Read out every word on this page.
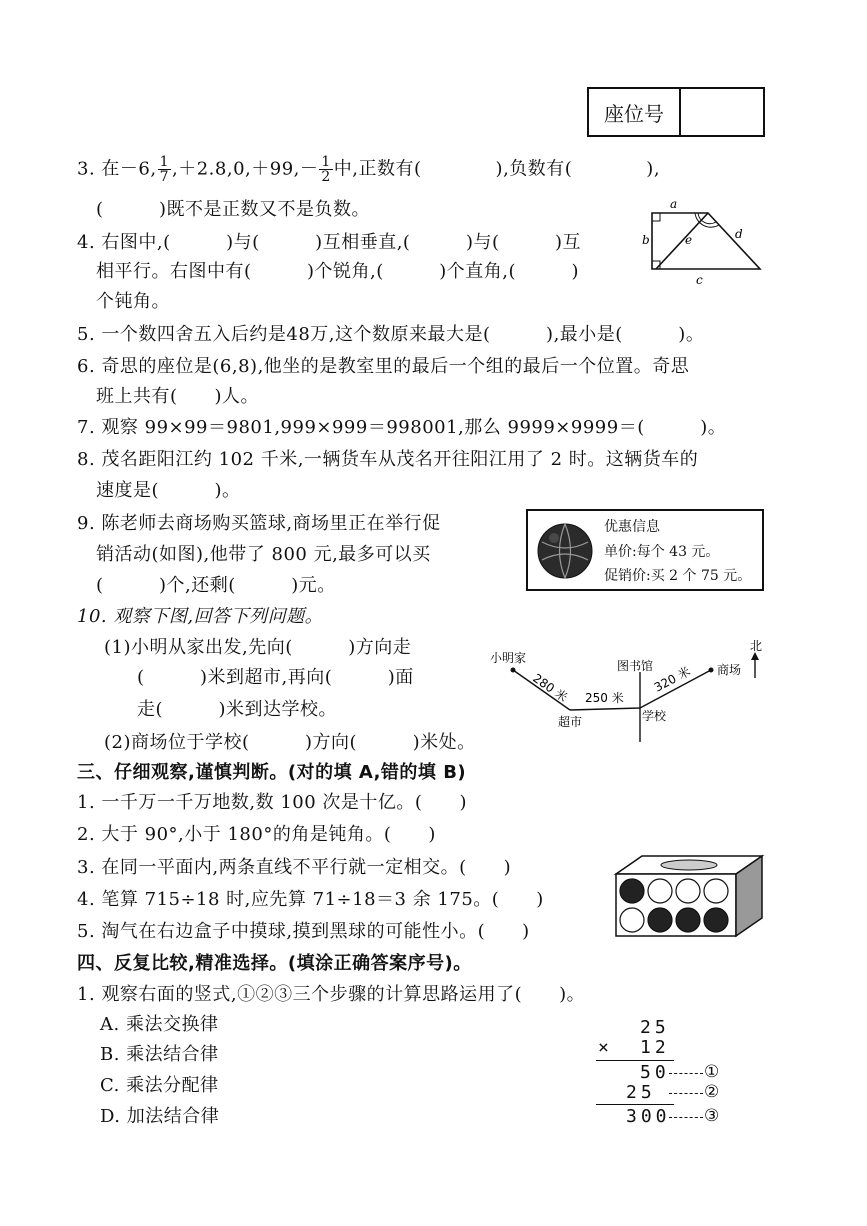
座位号
3. 在－6, $\frac{1}{7} ,+2.8,0,+99,- \frac{1}{2}$ 中,正数有(　　　　),负数有(　　　　),
(　　　)既不是正数又不是负数。
4. 右图中,(　　　)与(　　　)互相垂直,(　　　)与(　　　)互
相平行。右图中有(　　　)个锐角,(　　　)个直角,(　　　)
个钝角。
a
b
c
d
e
5. 一个数四舍五入后约是48万,这个数原来最大是(　　　),最小是(　　　)。
6. 奇思的座位是(6,8),他坐的是教室里的最后一个组的最后一个位置。奇思
班上共有(　　)人。
7. 观察 99×99＝9801,999×999＝998001,那么 9999×9999＝(　　　)。
8. 茂名距阳江约 102 千米,一辆货车从茂名开往阳江用了 2 时。这辆货车的
速度是(　　　)。
9. 陈老师去商场购买篮球,商场里正在举行促
销活动(如图),他带了 800 元,最多可以买
(　　　)个,还剩(　　　)元。
优惠信息
单价:每个 43 元。
促销价:买 2 个 75 元。
10. 观察下图,回答下列问题。
(1)小明从家出发,先向(　　　)方向走
(　　　)米到超市,再向(　　　)面
走(　　　)米到达学校。
(2)商场位于学校(　　　)方向(　　　)米处。
小明家
超市	学校
图书馆	商场
北
280 米 250 米
320 米
三、仔细观察,谨慎判断。(对的填 A,错的填 B)
1. 一千万一千万地数,数 100 次是十亿。(　　)
2. 大于 90°,小于 180°的角是钝角。(　　)
3. 在同一平面内,两条直线不平行就一定相交。(　　)
4. 笔算 715÷18 时,应先算 71÷18＝3 余 175。(　　)
5. 淘气在右边盒子中摸球,摸到黑球的可能性小。(　　)
四、反复比较,精准选择。(填涂正确答案序号)。
1. 观察右面的竖式,①②③三个步骤的计算思路运用了(　　)。
A. 乘法交换律
B. 乘法结合律
C. 乘法分配律
D. 加法结合律
25
× 12
50
25
300
①
②
③
